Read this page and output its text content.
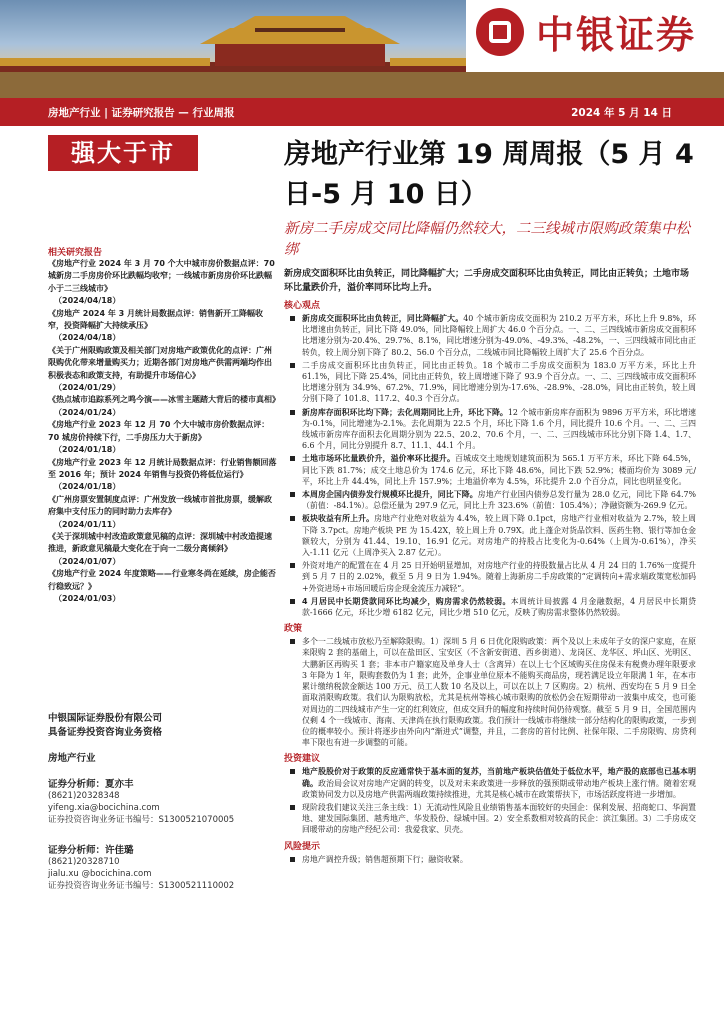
中银证券
房地产行业 | 证券研究报告 — 行业周报	2024 年 5 月 14 日
强大于市
相关研究报告
《房地产行业 2024 年 3 月 70 个大中城市房价数据点评：70 城新房二手房房价环比跌幅均收窄；一线城市新房房价环比跌幅小于二三线城市》
（2024/04/18）
《房地产 2024 年 3 月统计局数据点评：销售新开工降幅收窄，投资降幅扩大持续承压》
（2024/04/18）
《关于广州限购政策及相关部门对房地产政策优化的点评：广州限购优化带来增量购买力；近期各部门对房地产供需两端均作出积极表态和政策支持，有助提升市场信心》
（2024/01/29）
《热点城市追踪系列之鸣今演——冰雪主题踏大背后的楼市真相》
（2024/01/24）
《房地产行业 2023 年 12 月 70 个大中城市房价数据点评：70 城房价持续下行，二手房压力大于新房》
（2024/01/18）
《房地产行业 2023 年 12 月统计局数据点评：行业销售额回落至 2016 年；预计 2024 年销售与投资仍将低位运行》
（2024/01/18）
《广州房票安置制度点评：广州发放一线城市首批房票，缓解政府集中支付压力的同时助力去库存》
（2024/01/11）
《关于深圳城中村改造政策意见稿的点评：深圳城中村改造提速推进，新政意见稿最大变化在于向一二级分离倾斜》
（2024/01/07）
《房地产行业 2024 年度策略——行业寒冬尚在延续，房企能否行稳致远？》
（2024/01/03）
中银国际证券股份有限公司
具备证券投资咨询业务资格
房地产行业
证券分析师：夏亦丰
(8621)20328348
yifeng.xia@bocichina.com
证券投资咨询业务证书编号：S1300521070005
证券分析师：许佳璐
(8621)20328710
jialu.xu @bocichina.com
证券投资咨询业务证书编号：S1300521110002
房地产行业第 19 周周报（5 月 4 日-5 月 10 日）
新房二手房成交同比降幅仍然较大，二三线城市限购政策集中松绑
新房成交面积环比由负转正，同比降幅扩大；二手房成交面积环比由负转正，同比由正转负；土地市场环比量跌价升，溢价率同环比均上升。
核心观点
新房成交面积环比由负转正，同比降幅扩大。40 个城市新房成交面积为 210.2 万平方米，环比上升 9.8%，环比增速由负转正，同比下降 49.0%，同比降幅较上周扩大 46.0 个百分点。一、二、三四线城市新房成交面积环比增速分别为-20.4%、29.7%、8.1%，同比增速分别为-49.0%、-49.3%、-48.2%，一、三四线城市同比由正转负，较上周分别下降了 80.2、56.0 个百分点，二线城市同比降幅较上周扩大了 25.6 个百分点。
二手房成交面积环比由负转正，同比由正转负。18 个城市二手房成交面积为 183.0 万平方米，环比上升 61.1%，同比下降 25.4%，同比由正转负，较上周增速下降了 93.9 个百分点。一、二、三四线城市成交面积环比增速分别为 34.9%、67.2%、71.9%，同比增速分别为-17.6%、-28.9%、-28.0%，同比由正转负，较上周分别下降了 101.8、117.2、40.3 个百分点。
新房库存面积环比均下降；去化周期同比上升，环比下降。12 个城市新房库存面积为 9896 万平方米，环比增速为-0.1%，同比增速为-2.1%。去化周期为 22.5 个月，环比下降 1.6 个月，同比提升 10.6 个月。一、二、三四线城市新房库存面积去化周期分别为 22.5、20.2、70.6 个月，一、二、三四线城市环比分别下降 1.4、1.7、6.6 个月，同比分别提升 8.7、11.1、44.1 个月。
土地市场环比量跌价升，溢价率环比提升。百城成交土地规划建筑面积为 565.1 万平方米，环比下降 64.5%，同比下跌 81.7%；成交土地总价为 174.6 亿元，环比下降 48.6%，同比下跌 52.9%；楼面均价为 3089 元/平，环比上升 44.4%，同比上升 157.9%；土地溢价率为 4.5%，环比提升 2.0 个百分点，同比也明显变化。
本周房企国内债券发行规模环比提升，同比下降。房地产行业国内债券总发行量为 28.0 亿元，同比下降 64.7%（前值：-84.1%）。总偿还量为 297.9 亿元，同比上升 323.6%（前值：105.4%）；净融资额为-269.9 亿元。
板块收益有所上升。房地产行业绝对收益为 4.4%，较上周下降 0.1pct，房地产行业相对收益为 2.7%，较上周下降 3.7pct。房地产板块 PE 为 15.42X，较上周上升 0.79X。此上蓬企对货品饮料、医药生物、银行等加仓金额较大，分别为 41.44、19.10、16.91 亿元。对房地产的持股占比变化为-0.64%（上周为-0.61%），净买入-1.11 亿元（上周净买入 2.87 亿元）。
外资对地产的配置在在 4 月 25 日开始明显增加，对房地产行业的持股数量占比从 4 月 24 日的 1.76%一度提升到 5 月 7 日的 2.02%，截至 5 月 9 日为 1.94%。随着上海新房二手房政策的“定调转向+需求端政策宽松加码+外资进场+市场回暖后房企现金流压力减轻”。
4 月居民中长期贷款同环比均减少，购房需求仍然较弱。本周统计局披露 4 月金融数据，4 月居民中长期贷款-1666 亿元，环比少增 6182 亿元，同比少增 510 亿元，反映了购房需求整体仍然较弱。
政策
多个一二线城市放松乃至解除限购。1）深圳 5 月 6 日优化限购政策：两个及以上未成年子女的深户家庭，在原来限购 2 套的基础上，可以在盐田区、宝安区（不含新安街道、西乡街道）、龙岗区、龙华区、坪山区、光明区、大鹏新区再购买 1 套；非本市户籍家庭及单身人士（含离异）在以上七个区域购买住房保未有税费办理年限要求 3 年降为 1 年，限购套数仍为 1 套；此外，企事业单位原本不能购买商品房，现若满足设立年限满 1 年，在本市累计缴纳税款金额达 100 万元、员工人数 10 名及以上，可以在以上 7 区购房。2）杭州、西安均在 5 月 9 日全面取消限购政策。我们认为限购放松，尤其是杭州等核心城市限购的放松仍会在短期带动一波集中成交，也可能对周边的二四线城市产生一定的红利效应，但成交回升的幅度和持续时间仍待观察。截至 5 月 9 日，全国范围内仅剩 4 个一线城市、海南、天津尚在执行限购政策。我们预计一线城市将继续一部分结构化的限购政策，一步到位的概率较小。预计将逐步由外向内“渐进式”调整，并且，二套房的首付比例、社保年限、二手房限购、房贷利率下限也有进一步调整的可能。
投资建议
地产股股价对于政策的反应通常快于基本面的复苏，当前地产板块估值处于低位水平，地产股的底部也已基本明确。政治局会议对房地产定调的转变，以及对未来政策进一步释放的强预期或带动地产板块上涨行情。随着宏观政策协同发力以及房地产供需两端政策持续推进，尤其是核心城市在政策帮扶下，市场活跃度将进一步增加。
现阶段我们建议关注三条主线：1）无流动性风险且业绩销售基本面较好的央国企：保利发展、招商蛇口、华润置地、建发国际集团、越秀地产、华发股份、绿城中国。2）安全系数相对较高的民企：滨江集团。3）二手房成交回暖带动的房地产经纪公司：我爱我家、贝壳。
风险提示
房地产调控升级；销售超预期下行；融资收紧。
